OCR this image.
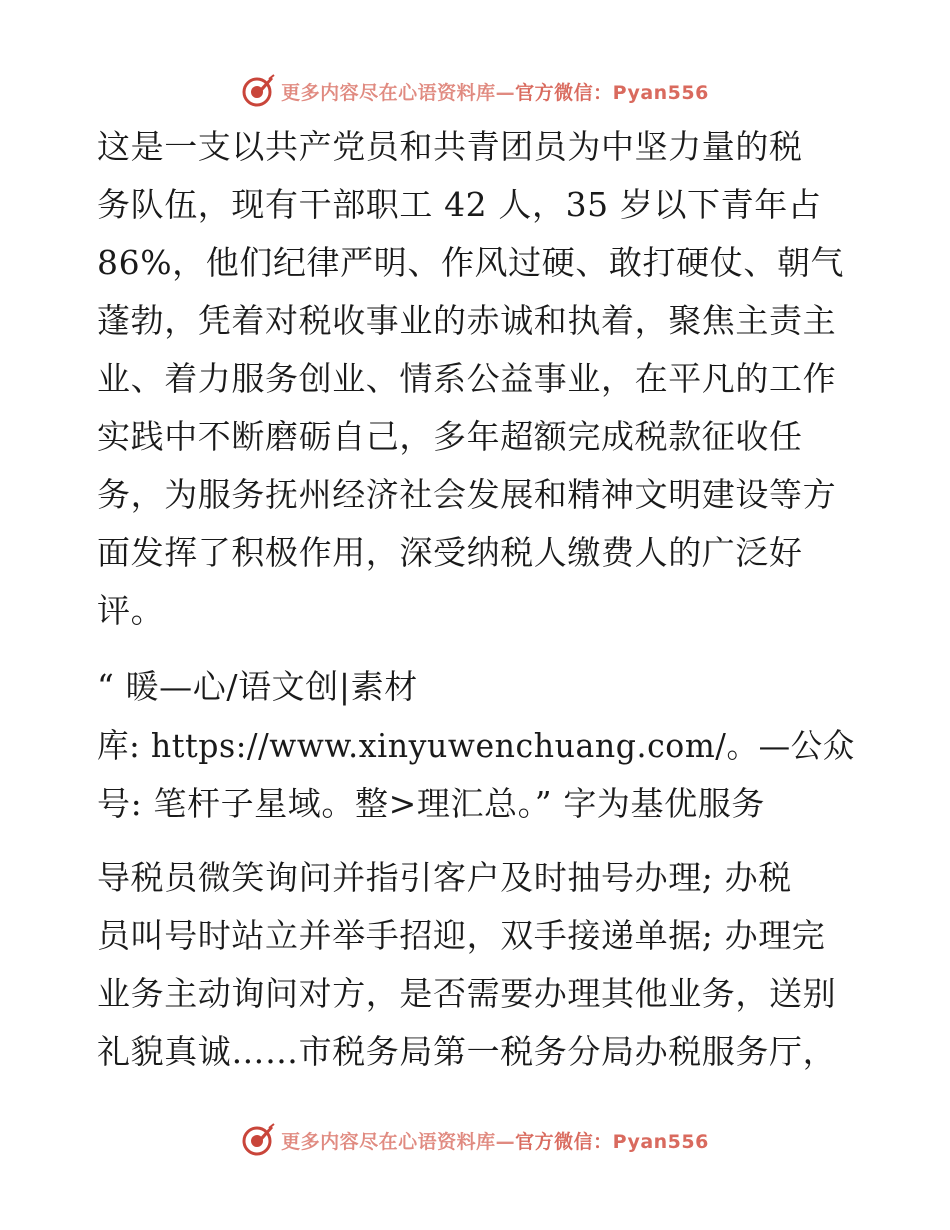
更多内容尽在心语资料库—官方微信：Pyan556
这是一支以共产党员和共青团员为中坚力量的税
务队伍，现有干部职工 42 人，35 岁以下青年占
86%，他们纪律严明、作风过硬、敢打硬仗、朝气
蓬勃，凭着对税收事业的赤诚和执着，聚焦主责主
业、着力服务创业、情系公益事业，在平凡的工作
实践中不断磨砺自己，多年超额完成税款征收任
务，为服务抚州经济社会发展和精神文明建设等方
面发挥了积极作用，深受纳税人缴费人的广泛好
评。
“ 暖—心/语文创|素材
库: https://www.xinyuwenchuang.com/。—公众
号: 笔杆子星域。整>理汇总。” 字为基优服务
导税员微笑询问并指引客户及时抽号办理; 办税
员叫号时站立并举手招迎，双手接递单据; 办理完
业务主动询问对方，是否需要办理其他业务，送别
礼貌真诚……市税务局第一税务分局办税服务厅，
更多内容尽在心语资料库—官方微信：Pyan556
